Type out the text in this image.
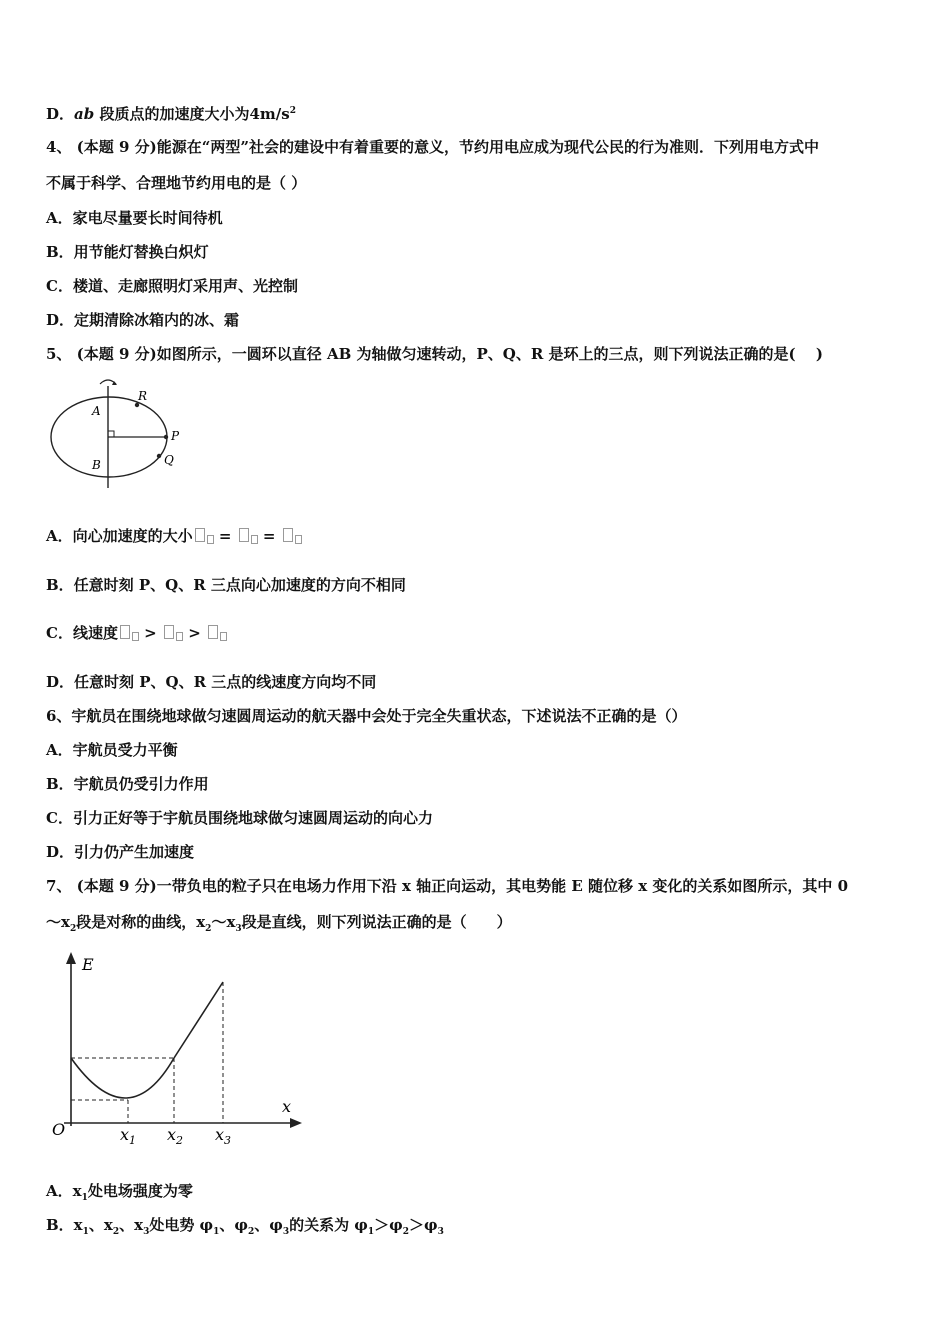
D．ab 段质点的加速度大小为$4m/s^2$
4、 (本题 9 分)能源在“两型”社会的建设中有着重要的意义，节约用电应成为现代公民的行为准则．下列用电方式中
不属于科学、合理地节约用电的是（ ）
A．家电尽量要长时间待机
B．用节能灯替换白炽灯
C．楼道、走廊照明灯采用声、光控制
D．定期清除冰箱内的冰、霜
5、 (本题 9 分)如图所示，一圆环以直径 AB 为轴做匀速转动，P、Q、R 是环上的三点，则下列说法正确的是(　 )
A
B
R
P
Q
A．向心加速度的大小 =  =
B．任意时刻 P、Q、R 三点向心加速度的方向不相同
C．线速度 >  >
D．任意时刻 P、Q、R 三点的线速度方向均不同
6、宇航员在围绕地球做匀速圆周运动的航天器中会处于完全失重状态，下述说法不正确的是（）
A．宇航员受力平衡
B．宇航员仍受引力作用
C．引力正好等于宇航员围绕地球做匀速圆周运动的向心力
D．引力仍产生加速度
7、 (本题 9 分)一带负电的粒子只在电场力作用下沿 x 轴正向运动，其电势能 E 随位移 x 变化的关系如图所示，其中 0
$\sim x_2$段是对称的曲线，$x_2\sim x_3$段是直线，则下列说法正确的是（　　）
E
x
O	$x_1$ $x_2$ $x_3$
A．$x_1$处电场强度为零
B．$x_1$、$x_2$、$x_3$处电势 $\varphi_1$、$\varphi_2$、$\varphi_3$的关系为 $\varphi_1>\varphi_2>\varphi_3$
